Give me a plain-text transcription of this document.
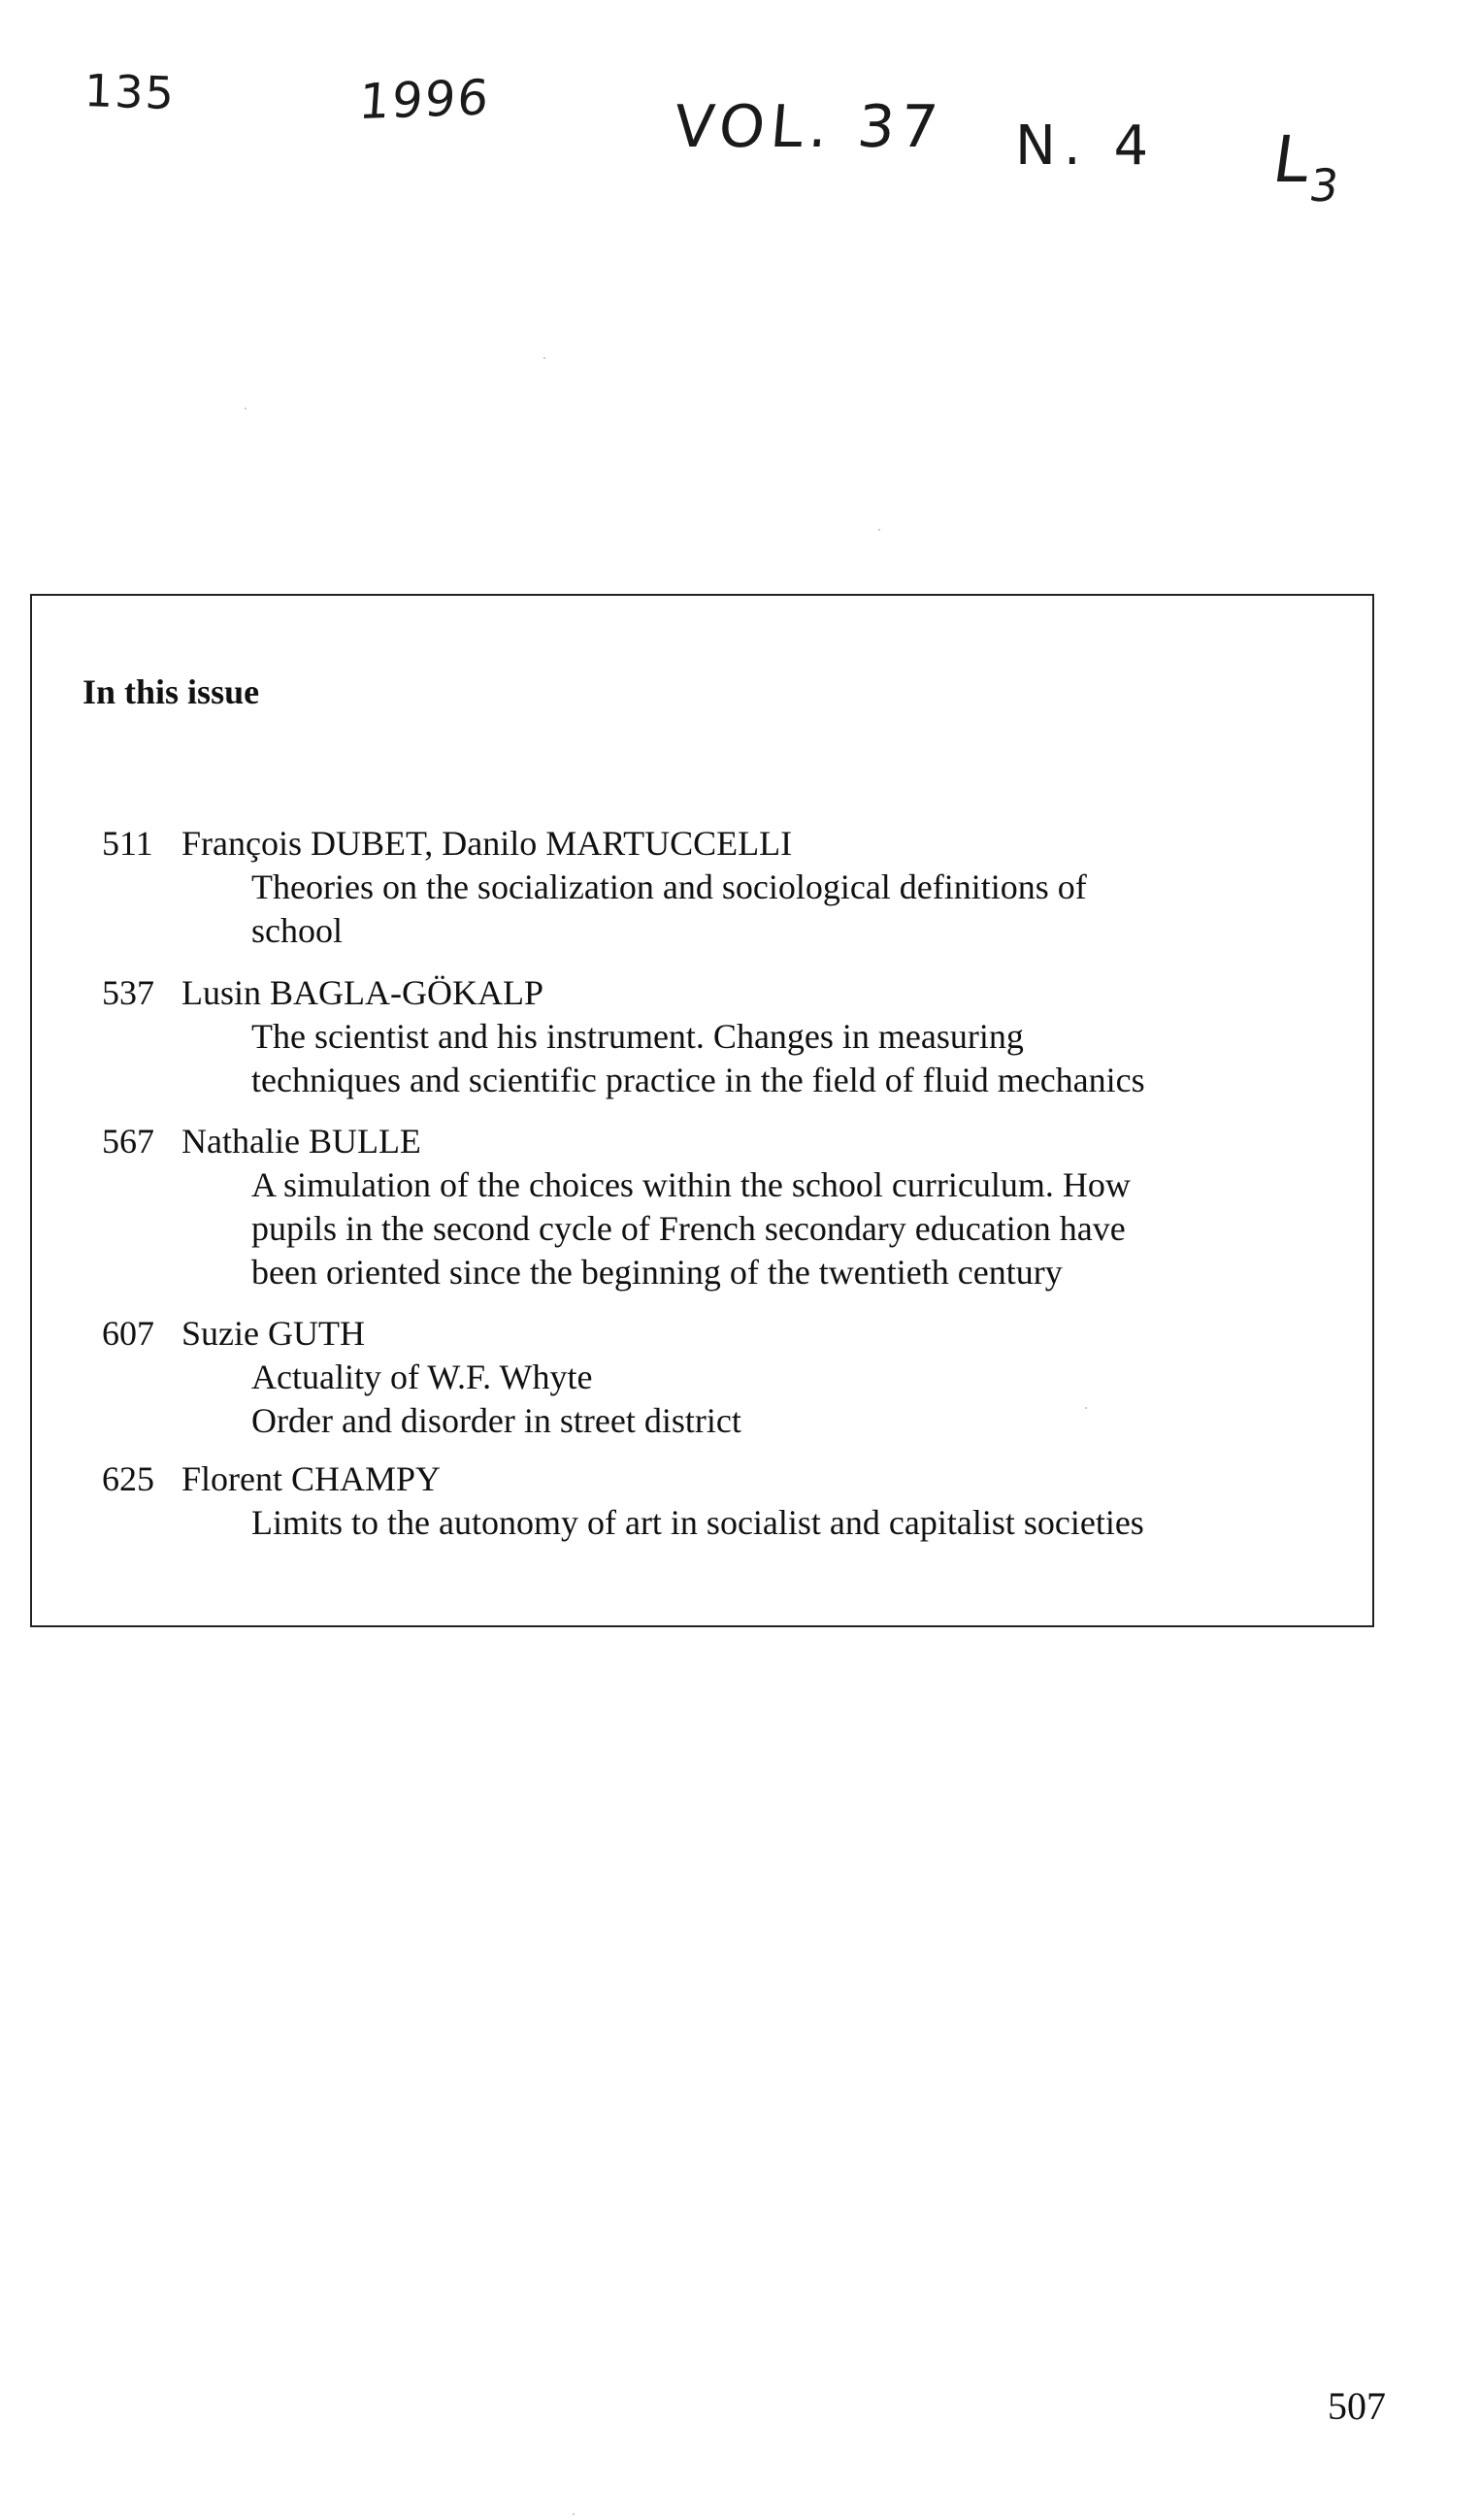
135	1996	VOL. 37 N. 4 $L_3$
In this issue
511 François DUBET, Danilo MARTUCCELLI
Theories on the socialization and sociological definitions of
school
537 Lusin BAGLA-GÖKALP
The scientist and his instrument. Changes in measuring
techniques and scientific practice in the field of fluid mechanics
567 Nathalie BULLE
A simulation of the choices within the school curriculum. How
pupils in the second cycle of French secondary education have
been oriented since the beginning of the twentieth century
607 Suzie GUTH
Actuality of W.F. Whyte
Order and disorder in street district
625 Florent CHAMPY
Limits to the autonomy of art in socialist and capitalist societies
507
